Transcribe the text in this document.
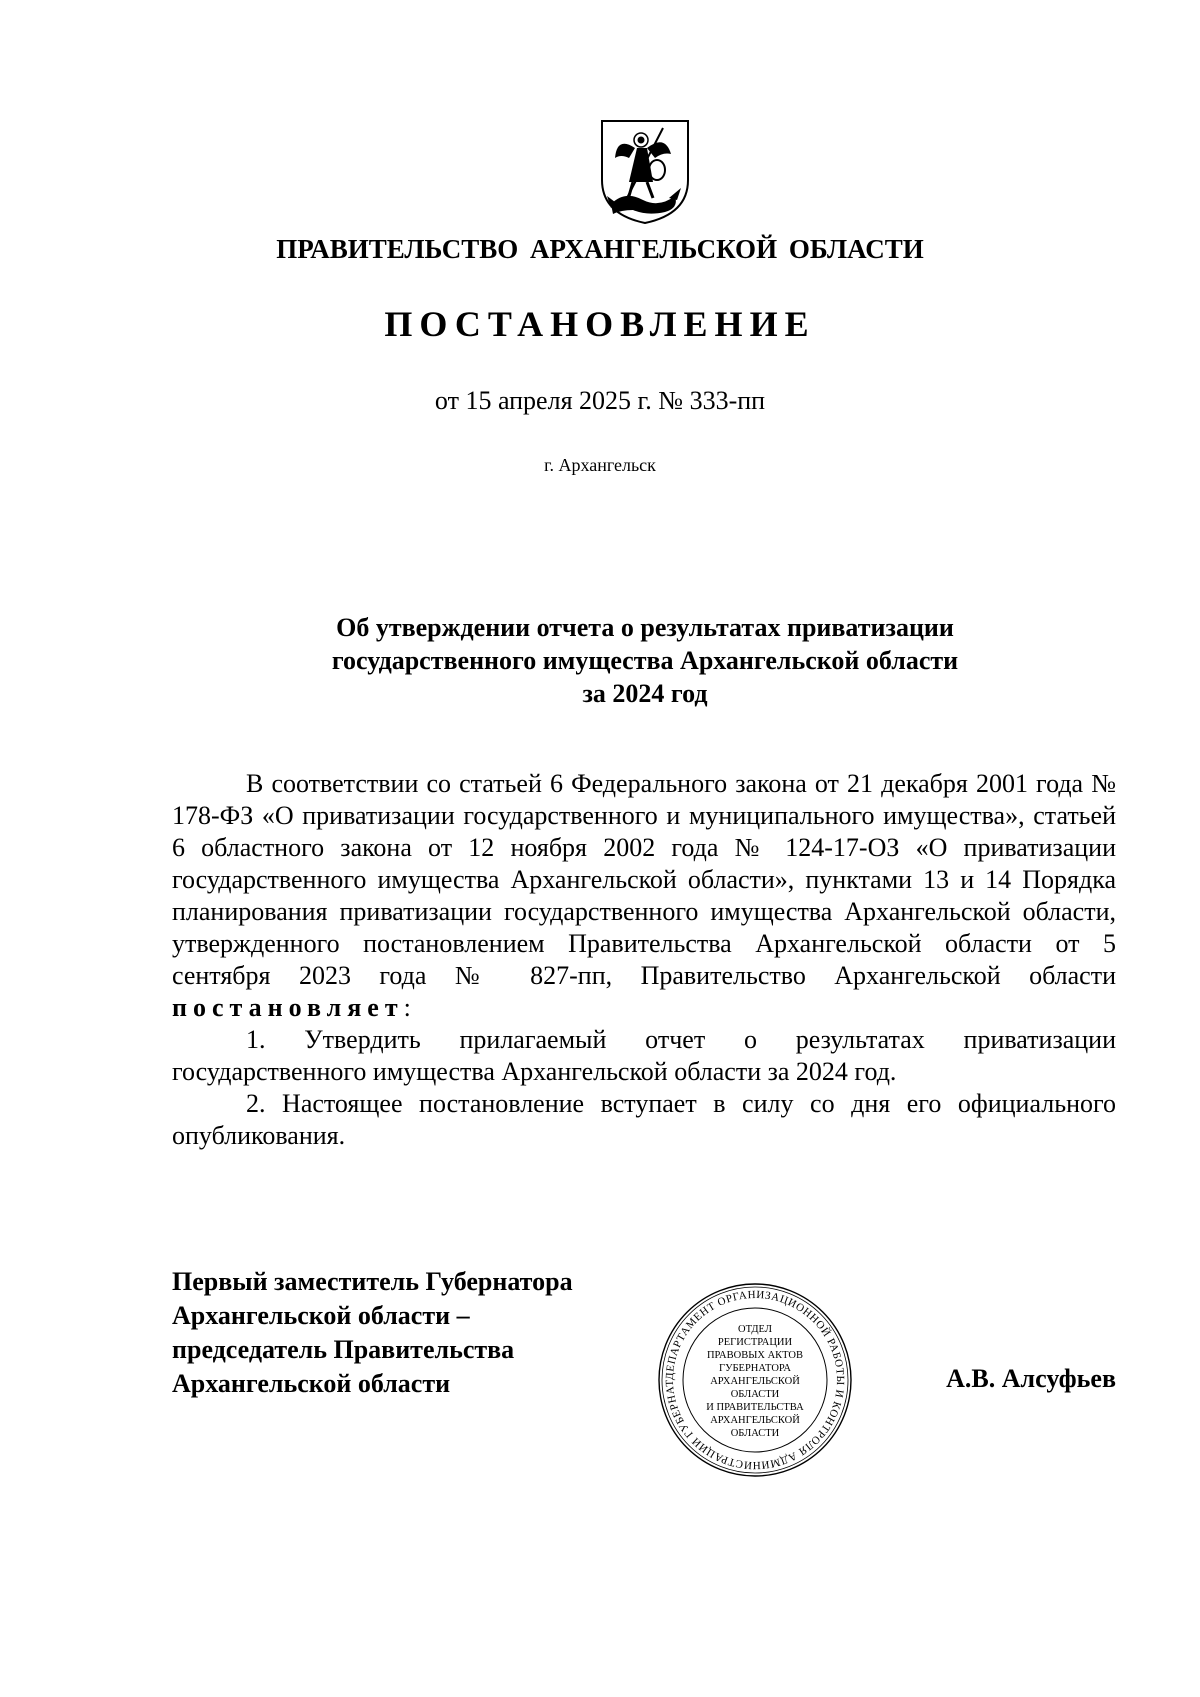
ПРАВИТЕЛЬСТВО АРХАНГЕЛЬСКОЙ ОБЛАСТИ
ПОСТАНОВЛЕНИЕ
от 15 апреля 2025 г. № 333-пп
г. Архангельск
Об утверждении отчета о результатах приватизации
государственного имущества Архангельской области
за 2024 год

В соответствии со статьей 6 Федерального закона от 21 декабря 2001 года № 178-ФЗ «О приватизации государственного и муниципального имущества», статьей 6 областного закона от 12 ноября 2002 года № 124-17-ОЗ «О приватизации государственного имущества Архангельской области», пунктами 13 и 14 Порядка планирования приватизации государственного имущества Архангельской области, утвержденного постановлением Правительства Архангельской области от 5 сентября 2023 года № 827-пп, Правительство Архангельской области постановляет:

1. Утвердить прилагаемый отчет о результатах приватизации государственного имущества Архангельской области за 2024 год.

2. Настоящее постановление вступает в силу со дня его официального опубликования.

Первый заместитель Губернатора
Архангельской области –
председатель Правительства
Архангельской области	ДЕПАРТАМЕНТ ОРГАНИЗАЦИОННОЙ РАБОТЫ И КОНТРОЛЯ АДМИНИСТРАЦИИ ГУБЕРНАТ
ОТДЕЛ
РЕГИСТРАЦИИ
ПРАВОВЫХ АКТОВ
ГУБЕРНАТОРА
АРХАНГЕЛЬСКОЙ
ОБЛАСТИ
И ПРАВИТЕЛЬСТВА
АРХАНГЕЛЬСКОЙ
ОБЛАСТИ
А.В. Алсуфьев
